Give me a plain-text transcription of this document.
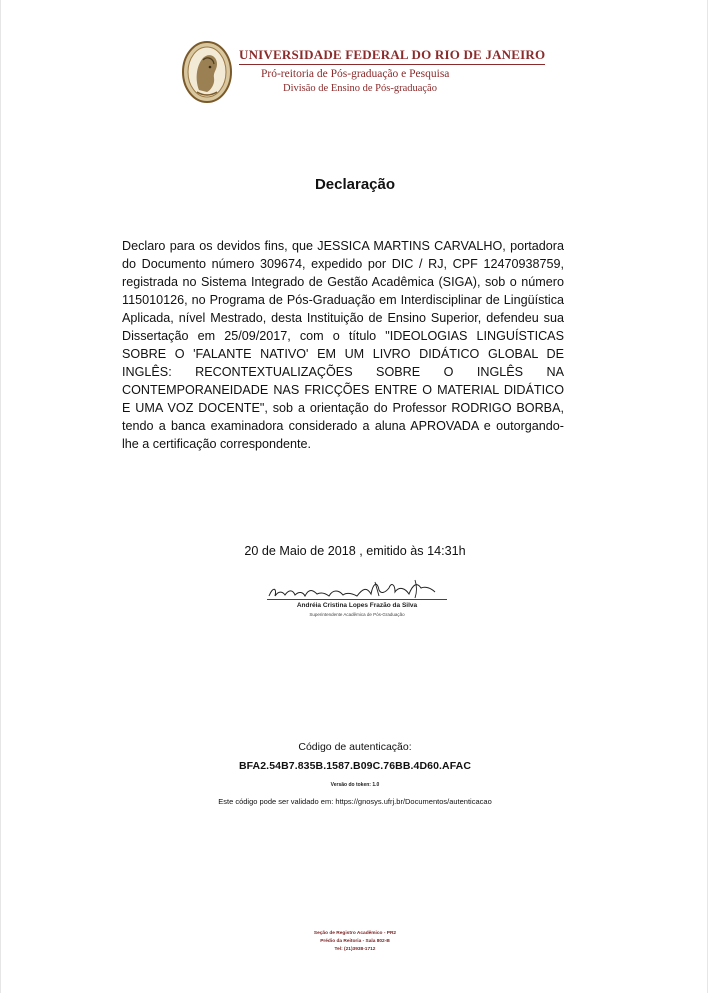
UNIVERSIDADE FEDERAL DO RIO DE JANEIRO
Pró-reitoria de Pós-graduação e Pesquisa
Divisão de Ensino de Pós-graduação
Declaração
Declaro para os devidos fins, que JESSICA MARTINS CARVALHO, portadora do Documento número 309674, expedido por DIC / RJ, CPF 12470938759, registrada no Sistema Integrado de Gestão Acadêmica (SIGA), sob o número 115010126, no Programa de Pós-Graduação em Interdisciplinar de Lingüística Aplicada, nível Mestrado, desta Instituição de Ensino Superior, defendeu sua Dissertação em 25/09/2017, com o título "IDEOLOGIAS LINGUÍSTICAS SOBRE O 'FALANTE NATIVO' EM UM LIVRO DIDÁTICO GLOBAL DE INGLÊS: RECONTEXTUALIZAÇÕES SOBRE O INGLÊS NA CONTEMPORANEIDADE NAS FRICÇÕES ENTRE O MATERIAL DIDÁTICO E UMA VOZ DOCENTE", sob a orientação do Professor RODRIGO BORBA, tendo a banca examinadora considerado a aluna APROVADA e outorgando-lhe a certificação correspondente.
20 de Maio de 2018 , emitido às 14:31h
Andréia Cristina Lopes Frazão da Silva
Superintendente Acadêmica de Pós-Graduação
Código de autenticação:
BFA2.54B7.835B.1587.B09C.76BB.4D60.AFAC
Versão do token: 1.0
Este código pode ser validado em: https://gnosys.ufrj.br/Documentos/autenticacao
Seção de Registro Acadêmico - PR2
Prédio da Reitoria - Sala 802-B
Tel: (21)3938-1712
